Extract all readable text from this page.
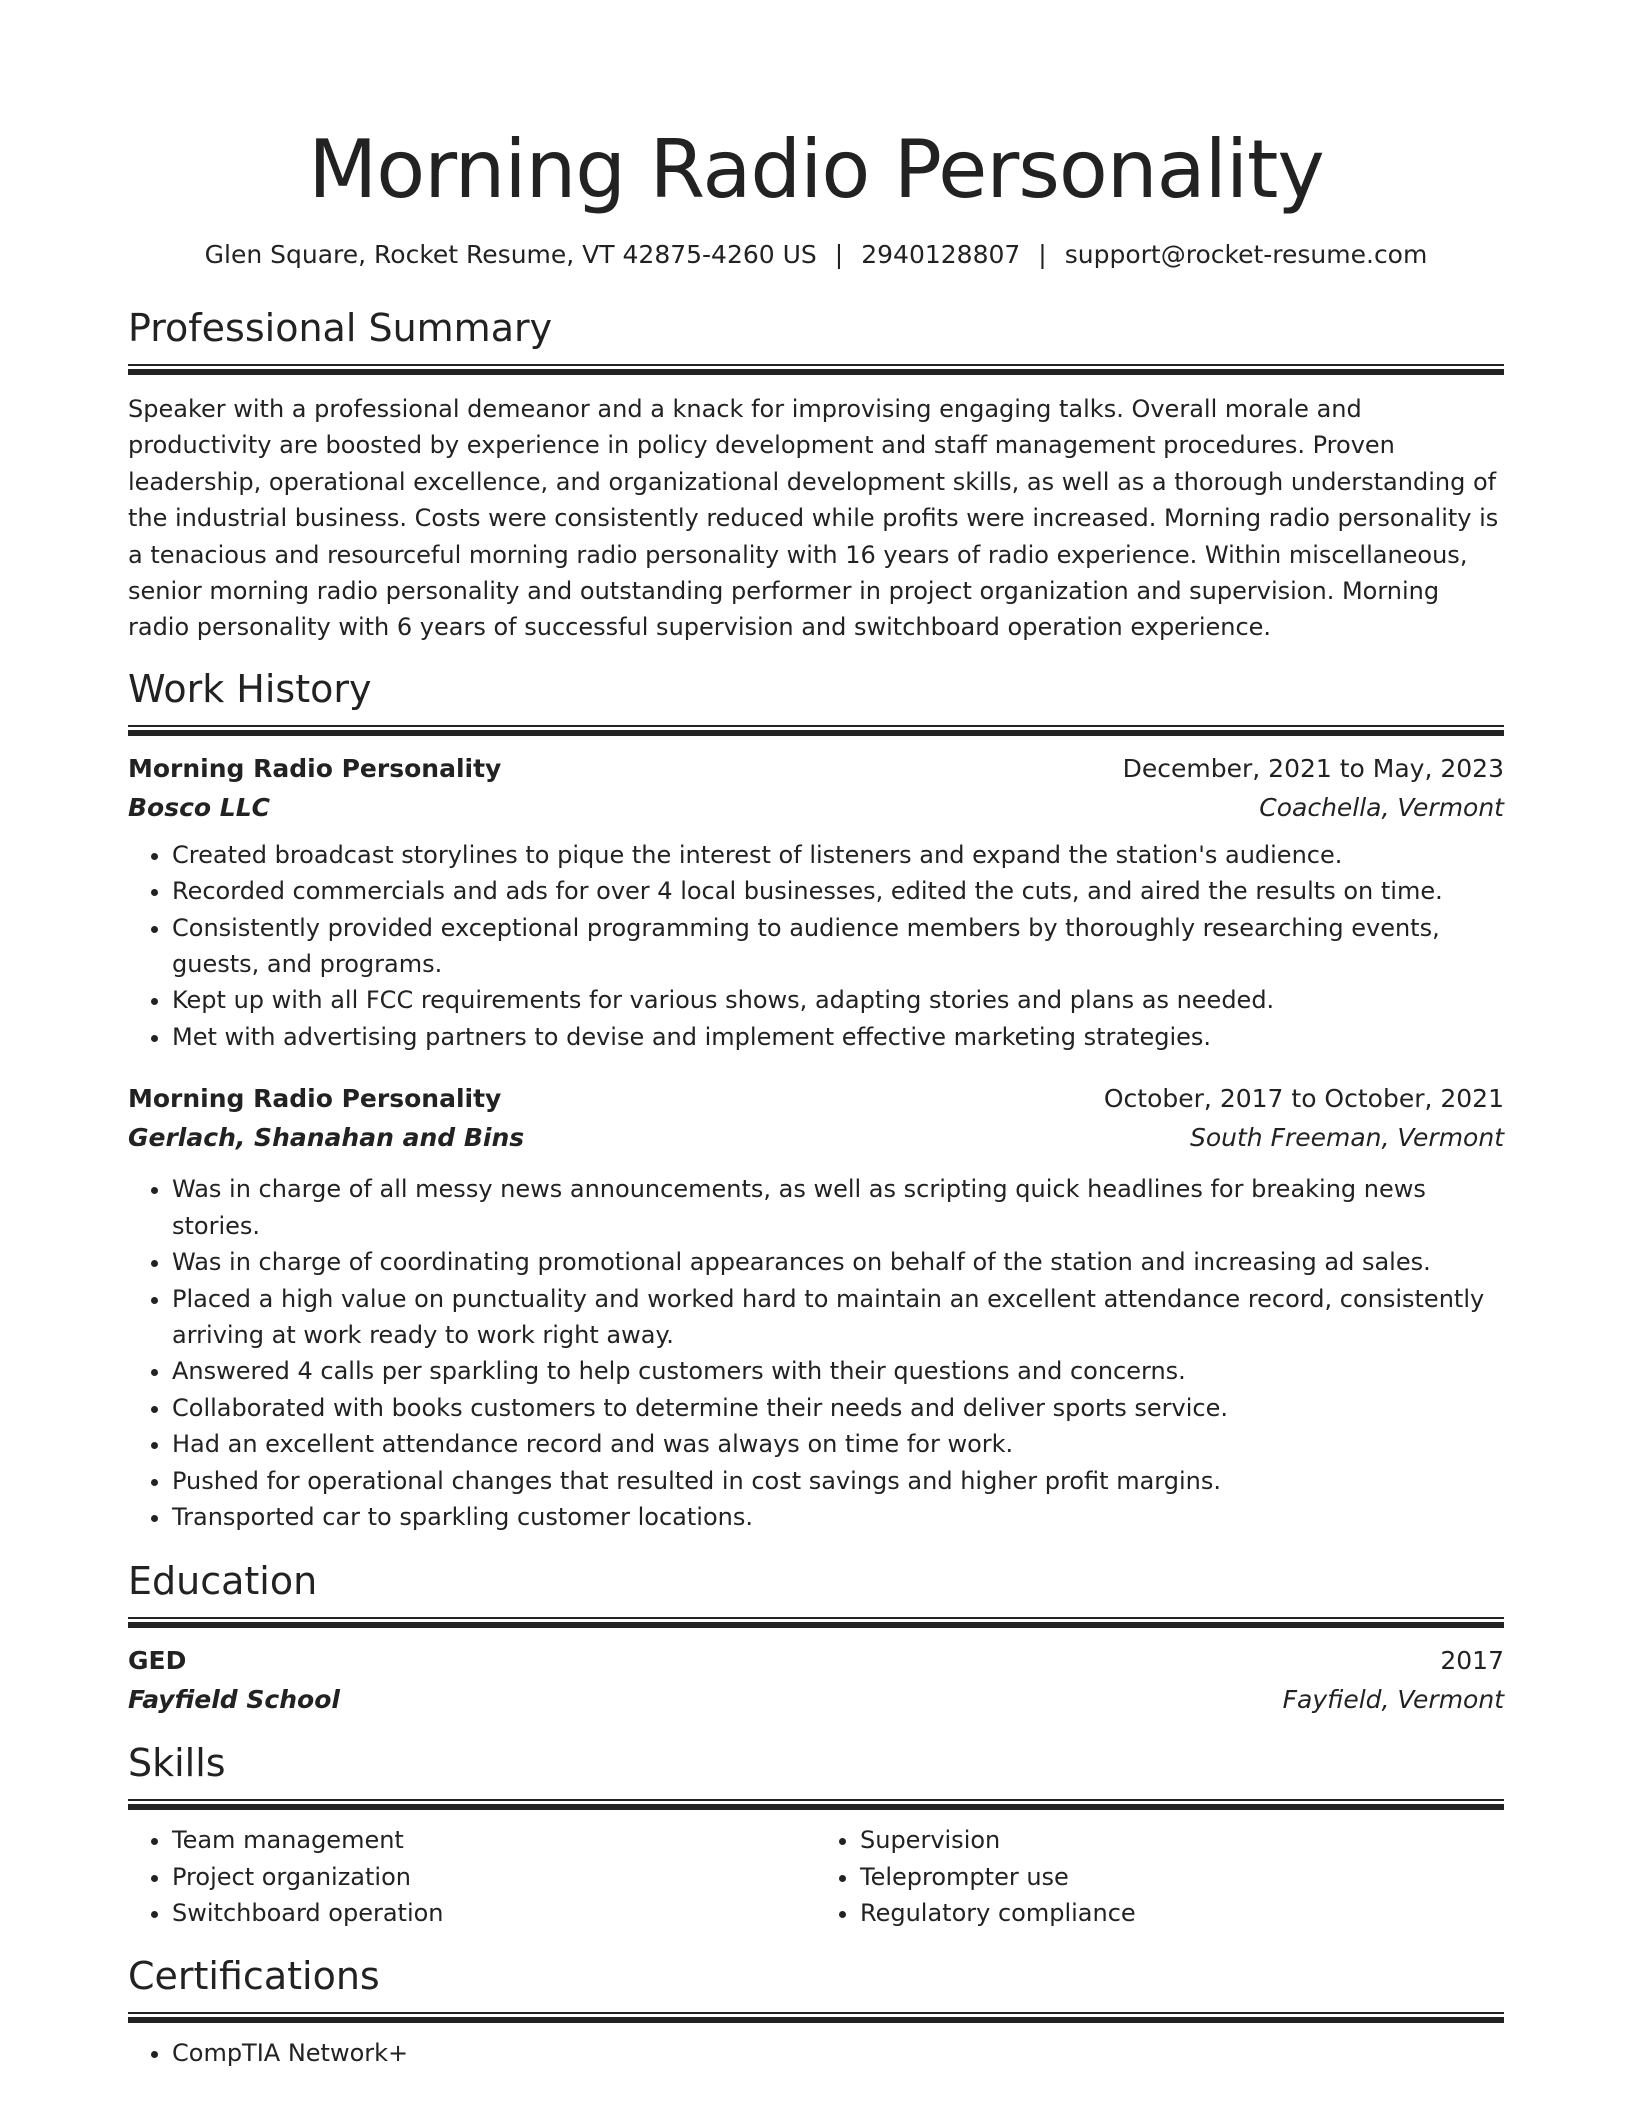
Morning Radio Personality
Glen Square, Rocket Resume, VT 42875-4260 US | 2940128807 | support@rocket-resume.com
Professional Summary

Speaker with a professional demeanor and a knack for improvising engaging talks. Overall morale and productivity are boosted by experience in policy development and staff management procedures. Proven leadership, operational excellence, and organizational development skills, as well as a thorough understanding of the industrial business. Costs were consistently reduced while profits were increased. Morning radio personality is a tenacious and resourceful morning radio personality with 16 years of radio experience. Within miscellaneous, senior morning radio personality and outstanding performer in project organization and supervision. Morning radio personality with 6 years of successful supervision and switchboard operation experience.

Work History
Morning Radio Personality	December, 2021 to May, 2023
Bosco LLC	Coachella, Vermont
• Created broadcast storylines to pique the interest of listeners and expand the station's audience.
• Recorded commercials and ads for over 4 local businesses, edited the cuts, and aired the results on time.
• Consistently provided exceptional programming to audience members by thoroughly researching events, guests, and programs.
• Kept up with all FCC requirements for various shows, adapting stories and plans as needed.
• Met with advertising partners to devise and implement effective marketing strategies.
Morning Radio Personality	October, 2017 to October, 2021
Gerlach, Shanahan and Bins	South Freeman, Vermont
• Was in charge of all messy news announcements, as well as scripting quick headlines for breaking news stories.
• Was in charge of coordinating promotional appearances on behalf of the station and increasing ad sales.
• Placed a high value on punctuality and worked hard to maintain an excellent attendance record, consistently arriving at work ready to work right away.
• Answered 4 calls per sparkling to help customers with their questions and concerns.
• Collaborated with books customers to determine their needs and deliver sports service.
• Had an excellent attendance record and was always on time for work.
• Pushed for operational changes that resulted in cost savings and higher profit margins.
• Transported car to sparkling customer locations.
Education
GED	2017
Fayfield School	Fayfield, Vermont
Skills
• Team management
• Project organization
• Switchboard operation
• Supervision
• Teleprompter use
• Regulatory compliance
Certifications
• CompTIA Network+
